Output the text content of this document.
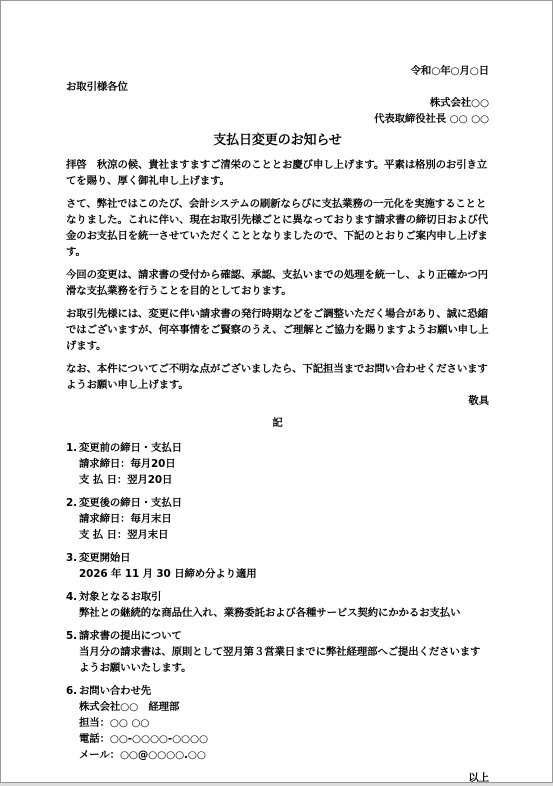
令和○年○月○日
お取引様各位
株式会社○○
代表取締役社長 ○○ ○○
支払日変更のお知らせ

拝啓　秋涼の候、貴社ますますご清栄のこととお慶び申し上げます。平素は格別のお引き立てを賜り、厚く御礼申し上げます。

さて、弊社ではこのたび、会計システムの刷新ならびに支払業務の一元化を実施することとなりました。これに伴い、現在お取引先様ごとに異なっております請求書の締切日および代金のお支払日を統一させていただくこととなりましたので、下記のとおりご案内申し上げます。

今回の変更は、請求書の受付から確認、承認、支払いまでの処理を統一し、より正確かつ円滑な支払業務を行うことを目的としております。

お取引先様には、変更に伴い請求書の発行時期などをご調整いただく場合があり、誠に恐縮ではございますが、何卒事情をご賢察のうえ、ご理解とご協力を賜りますようお願い申し上げます。

なお、本件についてご不明な点がございましたら、下記担当までお問い合わせくださいますようお願い申し上げます。

敬具
記
1. 変更前の締日・支払日
請求締日：毎月20日
支 払 日：翌月20日
2. 変更後の締日・支払日
請求締日：毎月末日
支 払 日：翌月末日
3. 変更開始日
2026 年 11 月 30 日締め分より適用
4. 対象となるお取引
弊社との継続的な商品仕入れ、業務委託および各種サービス契約にかかるお支払い
5. 請求書の提出について
当月分の請求書は、原則として翌月第３営業日までに弊社経理部へご提出くださいますようお願いいたします。
6. お問い合わせ先
株式会社○○　経理部
担当：○○ ○○
電話：○○-○○○○-○○○○
メール：○○@○○○○.○○
以上
